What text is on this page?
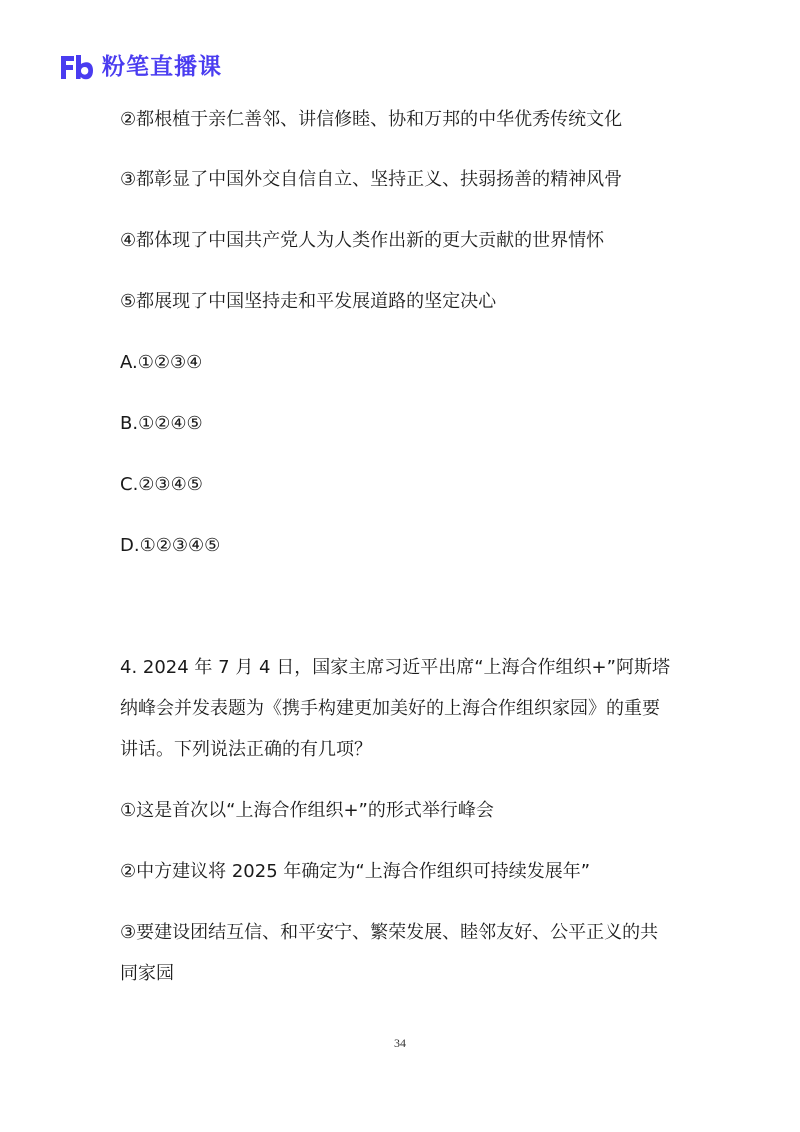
粉笔直播课
②都根植于亲仁善邻、讲信修睦、协和万邦的中华优秀传统文化
③都彰显了中国外交自信自立、坚持正义、扶弱扬善的精神风骨
④都体现了中国共产党人为人类作出新的更大贡献的世界情怀
⑤都展现了中国坚持走和平发展道路的坚定决心
A.①②③④
B.①②④⑤
C.②③④⑤
D.①②③④⑤
4. 2024 年 7 月 4 日，国家主席习近平出席“上海合作组织+”阿斯塔
纳峰会并发表题为《携手构建更加美好的上海合作组织家园》的重要
讲话。下列说法正确的有几项？
①这是首次以“上海合作组织+”的形式举行峰会
②中方建议将 2025 年确定为“上海合作组织可持续发展年”
③要建设团结互信、和平安宁、繁荣发展、睦邻友好、公平正义的共
同家园
34
